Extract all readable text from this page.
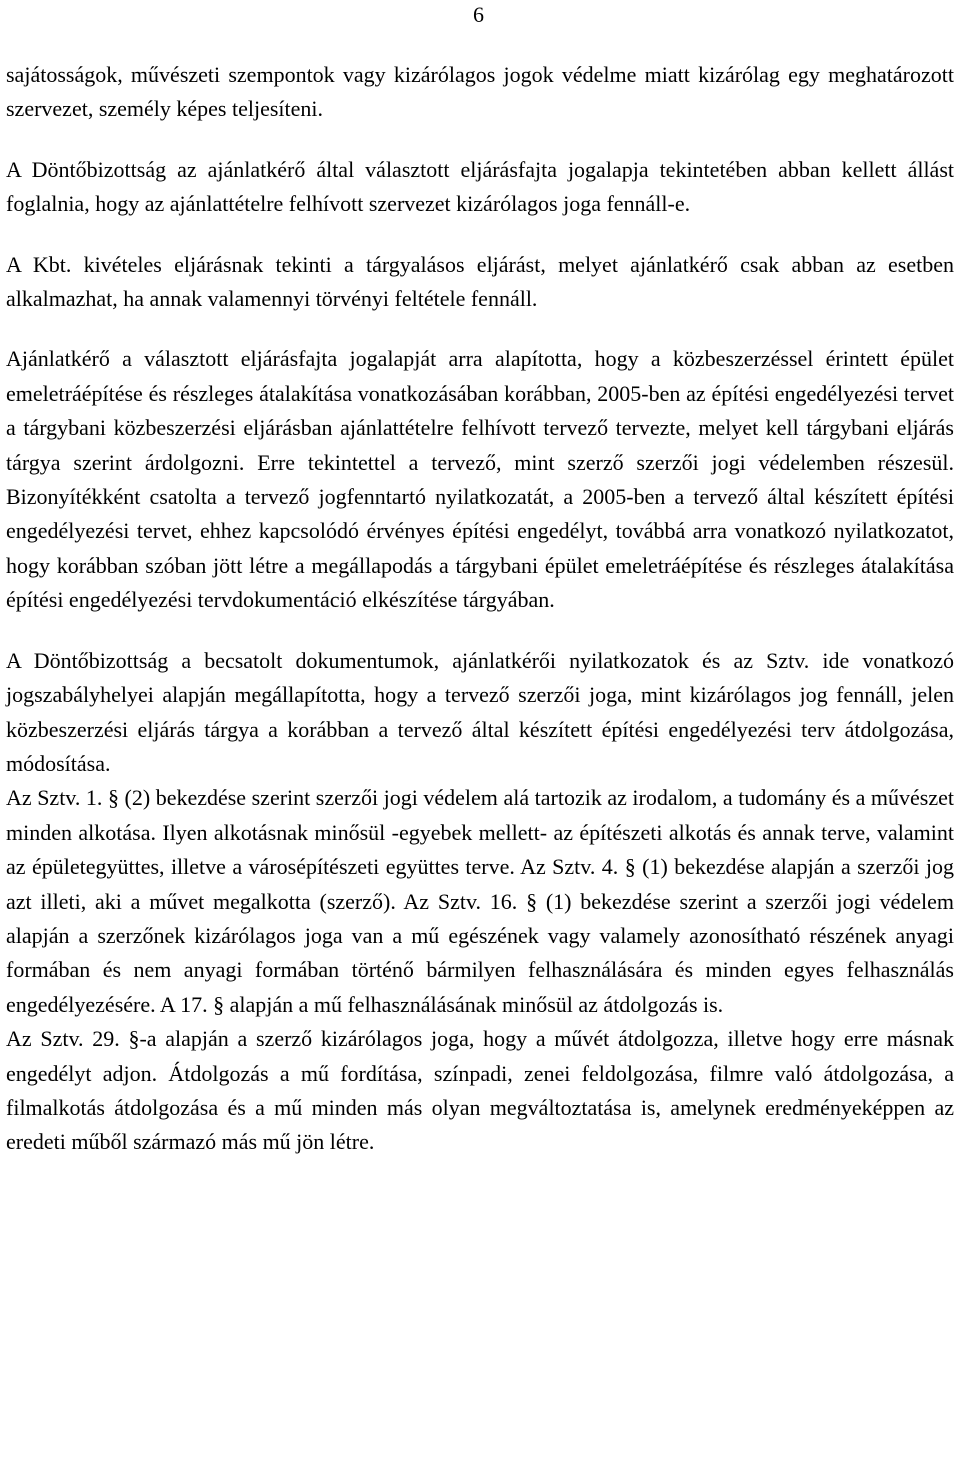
6

sajátosságok, művészeti szempontok vagy kizárólagos jogok védelme miatt kizárólag egy meghatározott szervezet, személy képes teljesíteni.

A Döntőbizottság az ajánlatkérő által választott eljárásfajta jogalapja tekintetében abban kellett állást foglalnia, hogy az ajánlattételre felhívott szervezet kizárólagos joga fennáll-e.

A Kbt. kivételes eljárásnak tekinti a tárgyalásos eljárást, melyet ajánlatkérő csak abban az esetben alkalmazhat, ha annak valamennyi törvényi feltétele fennáll.

Ajánlatkérő a választott eljárásfajta jogalapját arra alapította, hogy a közbeszerzéssel érintett épület emeletráépítése és részleges átalakítása vonatkozásában korábban, 2005-ben az építési engedélyezési tervet a tárgybani közbeszerzési eljárásban ajánlattételre felhívott tervező tervezte, melyet kell tárgybani eljárás tárgya szerint árdolgozni. Erre tekintettel a tervező, mint szerző szerzői jogi védelemben részesül. Bizonyítékként csatolta a tervező jogfenntartó nyilatkozatát, a 2005-ben a tervező által készített építési engedélyezési tervet, ehhez kapcsolódó érvényes építési engedélyt, továbbá arra vonatkozó nyilatkozatot, hogy korábban szóban jött létre a megállapodás a tárgybani épület emeletráépítése és részleges átalakítása építési engedélyezési tervdokumentáció elkészítése tárgyában.

A Döntőbizottság a becsatolt dokumentumok, ajánlatkérői nyilatkozatok és az Sztv. ide vonatkozó jogszabályhelyei alapján megállapította, hogy a tervező szerzői joga, mint kizárólagos jog fennáll, jelen közbeszerzési eljárás tárgya a korábban a tervező által készített építési engedélyezési terv átdolgozása, módosítása.

Az Sztv. 1. § (2) bekezdése szerint szerzői jogi védelem alá tartozik az irodalom, a tudomány és a művészet minden alkotása. Ilyen alkotásnak minősül -egyebek mellett- az építészeti alkotás és annak terve, valamint az épületegyüttes, illetve a városépítészeti együttes terve. Az Sztv. 4. § (1) bekezdése alapján a szerzői jog azt illeti, aki a művet megalkotta (szerző). Az Sztv. 16. § (1) bekezdése szerint a szerzői jogi védelem alapján a szerzőnek kizárólagos joga van a mű egészének vagy valamely azonosítható részének anyagi formában és nem anyagi formában történő bármilyen felhasználására és minden egyes felhasználás engedélyezésére. A 17. § alapján a mű felhasználásának minősül az átdolgozás is.

Az Sztv. 29. §-a alapján a szerző kizárólagos joga, hogy a művét átdolgozza, illetve hogy erre másnak engedélyt adjon. Átdolgozás a mű fordítása, színpadi, zenei feldolgozása, filmre való átdolgozása, a filmalkotás átdolgozása és a mű minden más olyan megváltoztatása is, amelynek eredményeképpen az eredeti műből származó más mű jön létre.
